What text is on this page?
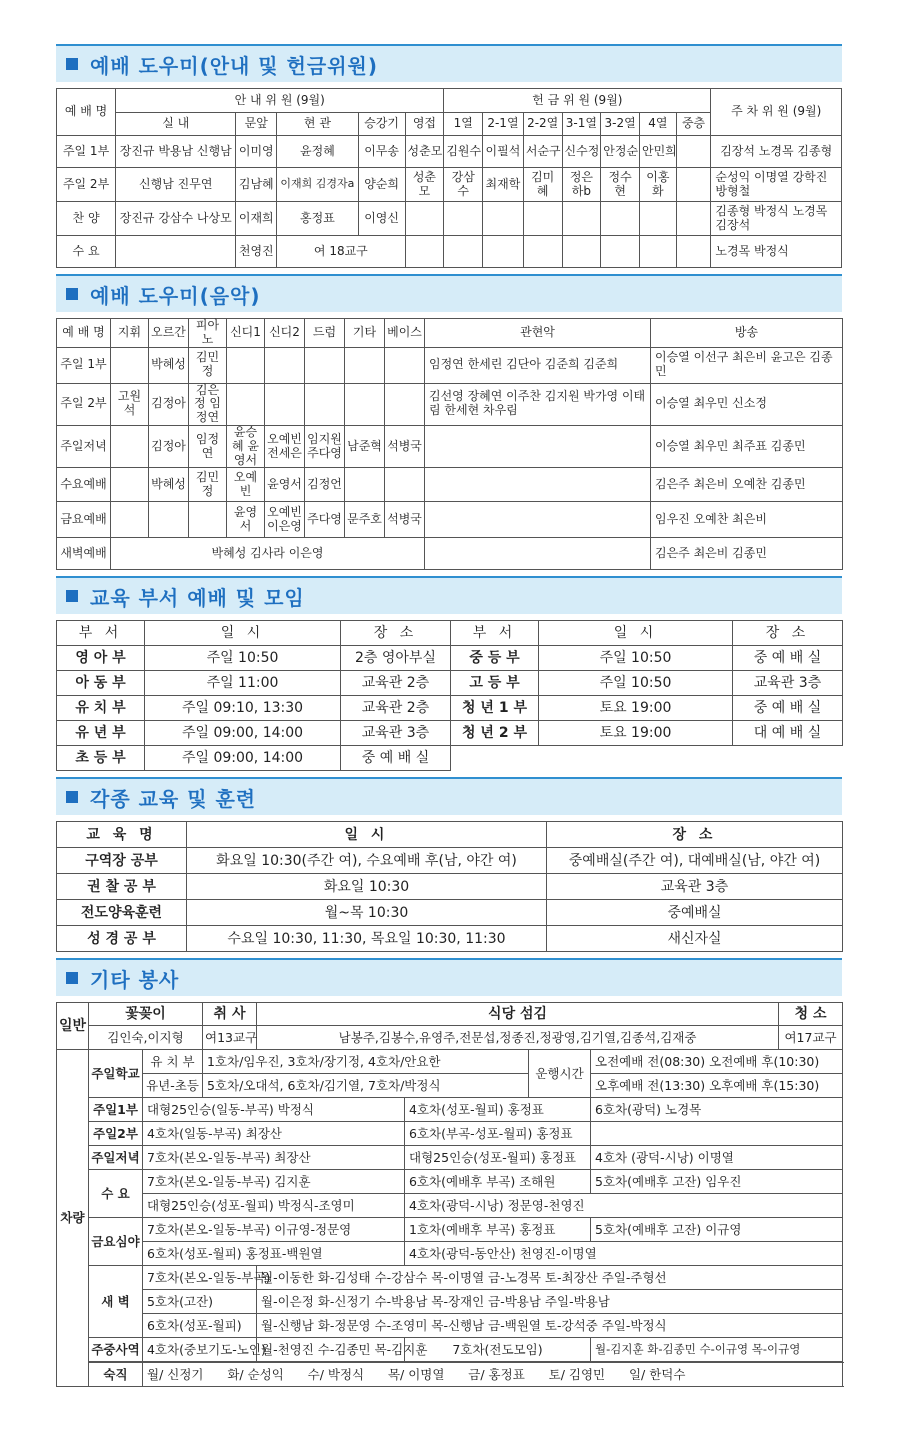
예배 도우미(안내 및 헌금위원)
예 배 명	안 내 위 원 (9월)					헌 금 위 원 (9월)							주 차 위 원 (9월)
	실 내	문앞	현 관	승강기	영접	1열	2-1열	2-2열	3-1열	3-2열	4열	중층	
주일 1부	장진규 박용남 신행남	이미영	윤정혜	이무송	성춘모	김원수	이필석	서순구	신수정	안정순	안민희		김장석 노경목 김종형
주일 2부	신행남 진무연	김남혜	이재희 김경자a	양순희	성춘모	강삼수	최재학	김미혜	정은하b	정수현	이홍화		순성익 이명열 강학진 방형철
찬 양	장진규 강삼수 나상모	이재희	홍정표	이영신									김종형 박정식 노경목 김장석
수 요		천영진	여 18교구										노경목 박정식
예배 도우미(음악)
예 배 명	지휘	오르간	피아노	신디1	신디2	드럼	기타	베이스	관현악	방송
주일 1부		박혜성	김민정						임정연 한세린 김단아 김준희 김준희	이승열 이선구 최은비 윤고은 김종민
주일 2부	고원석	김정아	김은정 임정연						김선영 장혜연 이주찬 김지원 박가영 이태림 한세현 차우림	이승열 최우민 신소정
주일저녁		김정아	임정연	윤승혜 윤영서	오예빈 전세은	임지원 주다영	남준혁	석병국		이승열 최우민 최주표 김종민
수요예배		박혜성	김민정	오예빈	윤영서	김정언				김은주 최은비 오예찬 김종민
금요예배				윤영서	오예빈 이은영	주다영	문주호	석병국		임우진 오예찬 최은비
새벽예배	박혜성 김사라 이은영									김은주 최은비 김종민
교육 부서 예배 및 모임
부 서	일 시	장 소	부 서	일 시	장 소
영 아 부	주일 10:50	2층 영아부실	중 등 부	주일 10:50	중 예 배 실
아 동 부	주일 11:00	교육관 2층	고 등 부	주일 10:50	교육관 3층
유 치 부	주일 09:10, 13:30	교육관 2층	청 년 1 부	토요 19:00	중 예 배 실
유 년 부	주일 09:00, 14:00	교육관 3층	청 년 2 부	토요 19:00	대 예 배 실
초 등 부	주일 09:00, 14:00	중 예 배 실			
각종 교육 및 훈련
교 육 명	일 시	장 소
구역장 공부	화요일 10:30(주간 여), 수요예배 후(남, 야간 여)	중예배실(주간 여), 대예배실(남, 야간 여)
권 찰 공 부	화요일 10:30	교육관 3층
전도양육훈련	월~목 10:30	중예배실
성 경 공 부	수요일 10:30, 11:30, 목요일 10:30, 11:30	새신자실
기타 봉사
일반	꽃꽂이		취 사	식당 섬김				청 소
	김인숙,이지형		여13교구	남봉주,김봉수,유영주,전문섭,정종진,정광영,김기열,김종석,김재중				여17교구
차량	주일학교	유 치 부	1호차/임우진, 3호차/장기정, 4호차/안요한			운행시간	오전예배 전(08:30) 오전예배 후(10:30)	
		유년-초등	5호차/오대석, 6호차/김기열, 7호차/박정식				오후예배 전(13:30) 오후예배 후(15:30)	
	주일1부	대형25인승(일동-부곡) 박정식			4호차(성포-월피) 홍정표		6호차(광덕) 노경목	
	주일2부	4호차(일동-부곡) 최장산			6호차(부곡-성포-월피) 홍정표			
	주일저녁	7호차(본오-일동-부곡) 최장산			대형25인승(성포-월피) 홍정표		4호차 (광덕-시낭) 이명열	
	수 요	7호차(본오-일동-부곡) 김지훈			6호차(예배후 부곡) 조해원		5호차(예배후 고잔) 임우진	
		대형25인승(성포-월피) 박정식-조영미			4호차(광덕-시낭) 정문영-천영진			
	금요심야	7호차(본오-일동-부곡) 이규영-정문영			1호차(예배후 부곡) 홍정표		5호차(예배후 고잔) 이규영	
		6호차(성포-월피) 홍정표-백원열			4호차(광덕-동안산) 천영진-이명열			
	새 벽	7호차(본오-일동-부곡)		월-이동한 화-김성태 수-강삼수 목-이명열 금-노경목 토-최장산 주일-주형선				
		5호차(고잔)		월-이은정 화-신정기 수-박용남 목-장재인 금-박용남 주일-박용남				
		6호차(성포-월피)		월-신행남 화-정문영 수-조영미 목-신행남 금-백원열 토-강석중 주일-박정식				
	주중사역	4호차(중보기도-노인)		월-천영진 수-김종민 목-김지훈	7호차(전도모임)		월-김지훈 화-김종민 수-이규영 목-이규영	

	숙직	월/ 신정기      화/ 순성익      수/ 박정식      목/ 이명열      금/ 홍정표      토/ 김영민      일/ 한덕수						
